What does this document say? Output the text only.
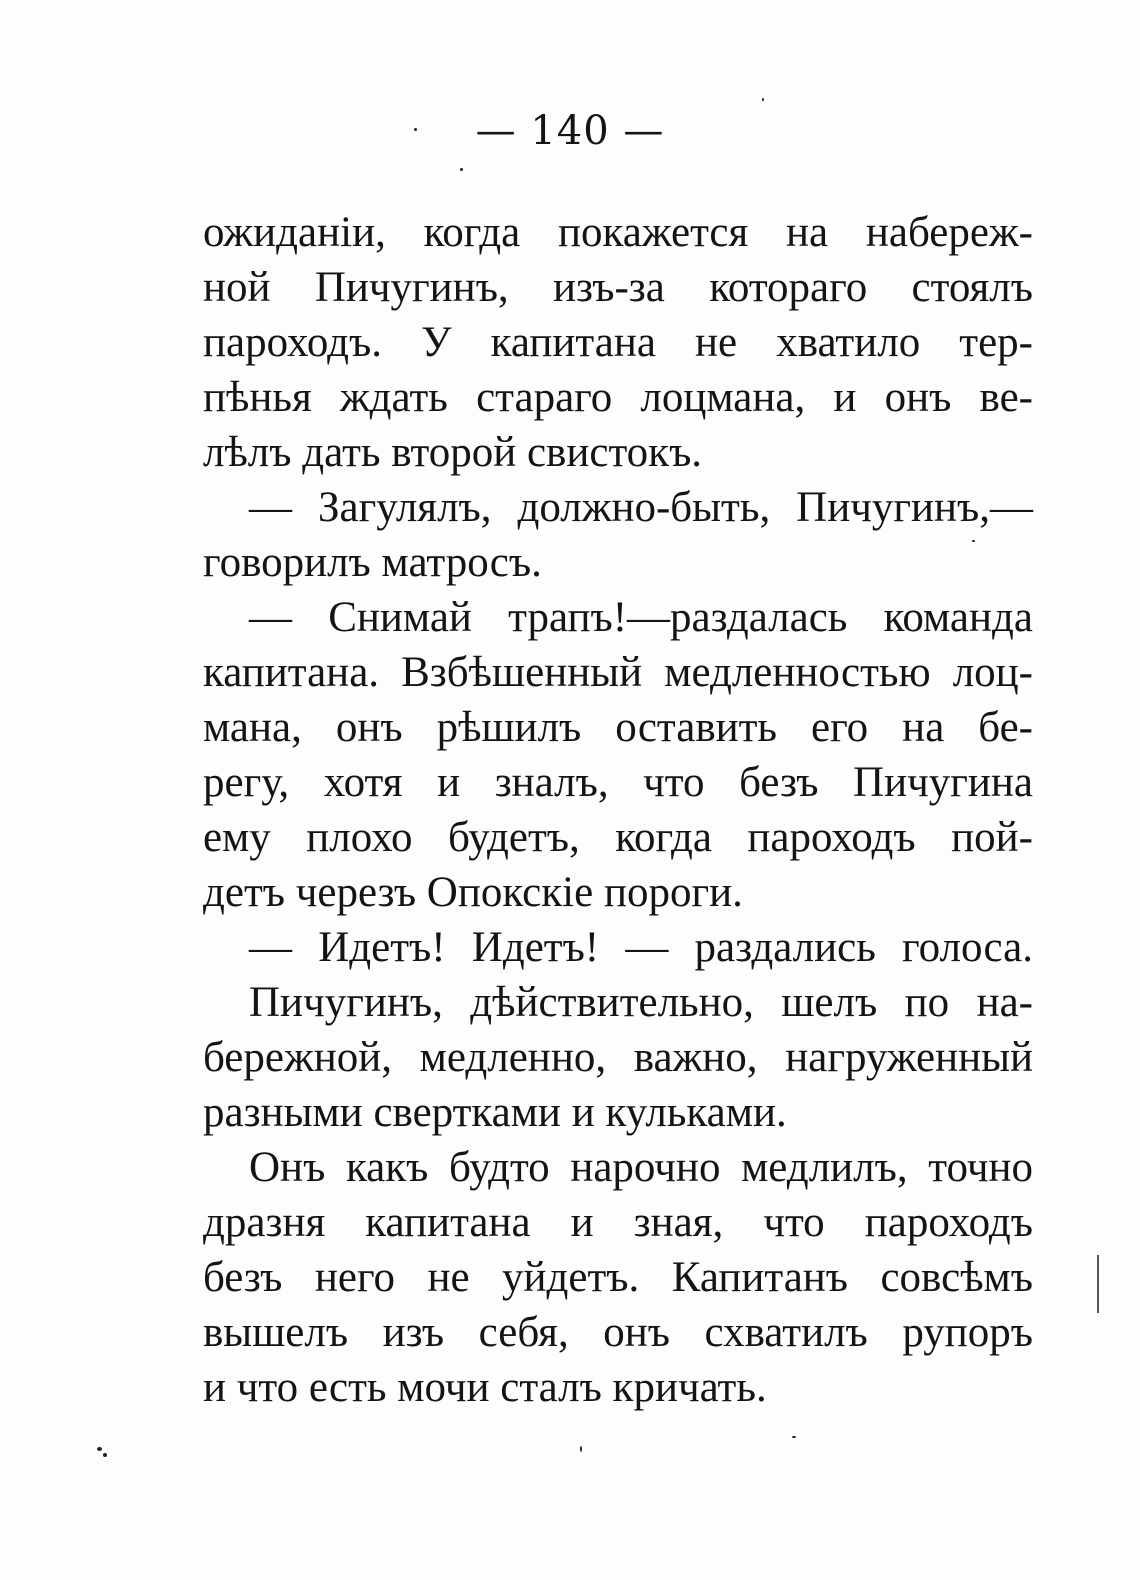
— 140 —
ожиданіи, когда покажется на набереж-
ной Пичугинъ, изъ-за котораго стоялъ
пароходъ. У капитана не хватило тер-
пѣнья ждать стараго лоцмана, и онъ ве-
лѣлъ дать второй свистокъ.
— Загулялъ, должно-быть, Пичугинъ,—
говорилъ матросъ.
— Снимай трапъ!—раздалась команда
капитана. Взбѣшенный медленностью лоц-
мана, онъ рѣшилъ оставить его на бе-
регу, хотя и зналъ, что безъ Пичугина
ему плохо будетъ, когда пароходъ пой-
детъ черезъ Опокскіе пороги.
— Идетъ! Идетъ! — раздались голоса.
Пичугинъ, дѣйствительно, шелъ по на-
бережной, медленно, важно, нагруженный
разными свертками и кульками.
Онъ какъ будто нарочно медлилъ, точно
дразня капитана и зная, что пароходъ
безъ него не уйдетъ. Капитанъ совсѣмъ
вышелъ изъ себя, онъ схватилъ рупоръ
и что есть мочи сталъ кричать.
